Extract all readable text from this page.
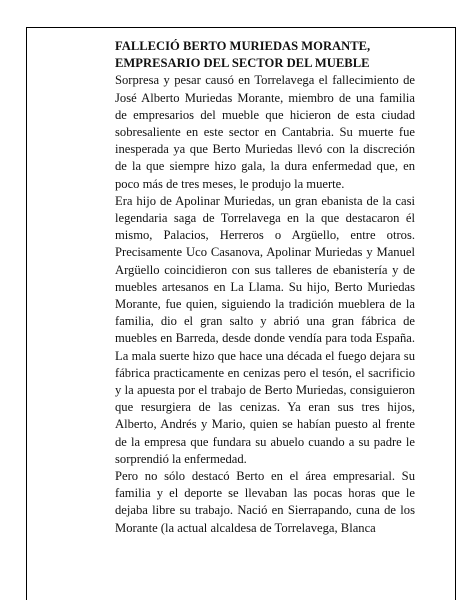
FALLECIÓ BERTO MURIEDAS MORANTE, EMPRESARIO DEL SECTOR DEL MUEBLE

Sorpresa y pesar causó en Torrelavega el fallecimiento de José Alberto Muriedas Morante, miembro de una familia de empresarios del mueble que hicieron de esta ciudad sobresaliente en este sector en Cantabria. Su muerte fue inesperada ya que Berto Muriedas llevó con la discreción de la que siempre hizo gala, la dura enfermedad que, en poco más de tres meses, le produjo la muerte.

Era hijo de Apolinar Muriedas, un gran ebanista de la casi legendaria saga de Torrelavega en la que destacaron él mismo, Palacios, Herreros o Argüello, entre otros. Precisamente Uco Casanova, Apolinar Muriedas y Manuel Argüello coincidieron con sus talleres de ebanistería y de muebles artesanos en La Llama. Su hijo, Berto Muriedas Morante, fue quien, siguiendo la tradición mueblera de la familia, dio el gran salto y abrió una gran fábrica de muebles en Barreda, desde donde vendía para toda España. La mala suerte hizo que hace una década el fuego dejara su fábrica practicamente en cenizas pero el tesón, el sacrificio y la apuesta por el trabajo de Berto Muriedas, consiguieron que resurgiera de las cenizas. Ya eran sus tres hijos, Alberto, Andrés y Mario, quien se habían puesto al frente de la empresa que fundara su abuelo cuando a su padre le sorprendió la enfermedad.

Pero no sólo destacó Berto en el área empresarial. Su familia y el deporte se llevaban las pocas horas que le dejaba libre su trabajo. Nació en Sierrapando, cuna de los Morante (la actual alcaldesa de Torrelavega, Blanca
